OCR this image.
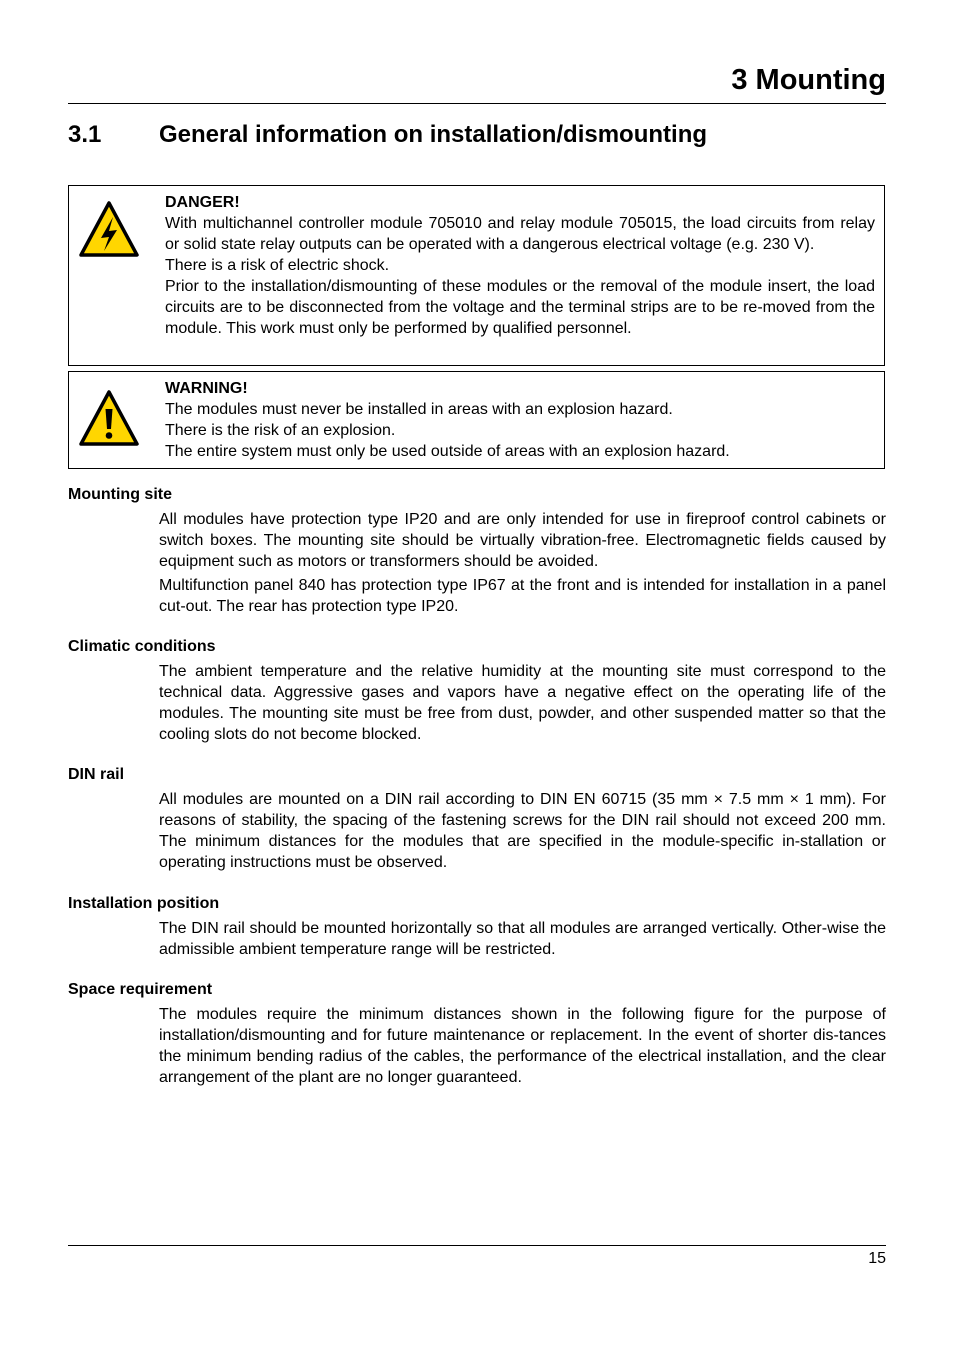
3 Mounting
3.1 General information on installation/dismounting

DANGER!

With multichannel controller module 705010 and relay module 705015, the load circuits from relay or solid state relay outputs can be operated with a dangerous electrical voltage (e.g. 230 V).

There is a risk of electric shock.

Prior to the installation/dismounting of these modules or the removal of the module insert, the load circuits are to be disconnected from the voltage and the terminal strips are to be re-moved from the module. This work must only be performed by qualified personnel.

WARNING!

The modules must never be installed in areas with an explosion hazard.

There is the risk of an explosion.

The entire system must only be used outside of areas with an explosion hazard.

Mounting site

All modules have protection type IP20 and are only intended for use in fireproof control cabinets or switch boxes. The mounting site should be virtually vibration-free. Electromagnetic fields caused by equipment such as motors or transformers should be avoided.

Multifunction panel 840 has protection type IP67 at the front and is intended for installation in a panel cut-out. The rear has protection type IP20.

Climatic conditions

The ambient temperature and the relative humidity at the mounting site must correspond to the technical data. Aggressive gases and vapors have a negative effect on the operating life of the modules. The mounting site must be free from dust, powder, and other suspended matter so that the cooling slots do not become blocked.

DIN rail

All modules are mounted on a DIN rail according to DIN EN 60715 (35 mm × 7.5 mm × 1 mm). For reasons of stability, the spacing of the fastening screws for the DIN rail should not exceed 200 mm. The minimum distances for the modules that are specified in the module-specific in-stallation or operating instructions must be observed.

Installation position

The DIN rail should be mounted horizontally so that all modules are arranged vertically. Other-wise the admissible ambient temperature range will be restricted.

Space requirement

The modules require the minimum distances shown in the following figure for the purpose of installation/dismounting and for future maintenance or replacement. In the event of shorter dis-tances the minimum bending radius of the cables, the performance of the electrical installation, and the clear arrangement of the plant are no longer guaranteed.

15
